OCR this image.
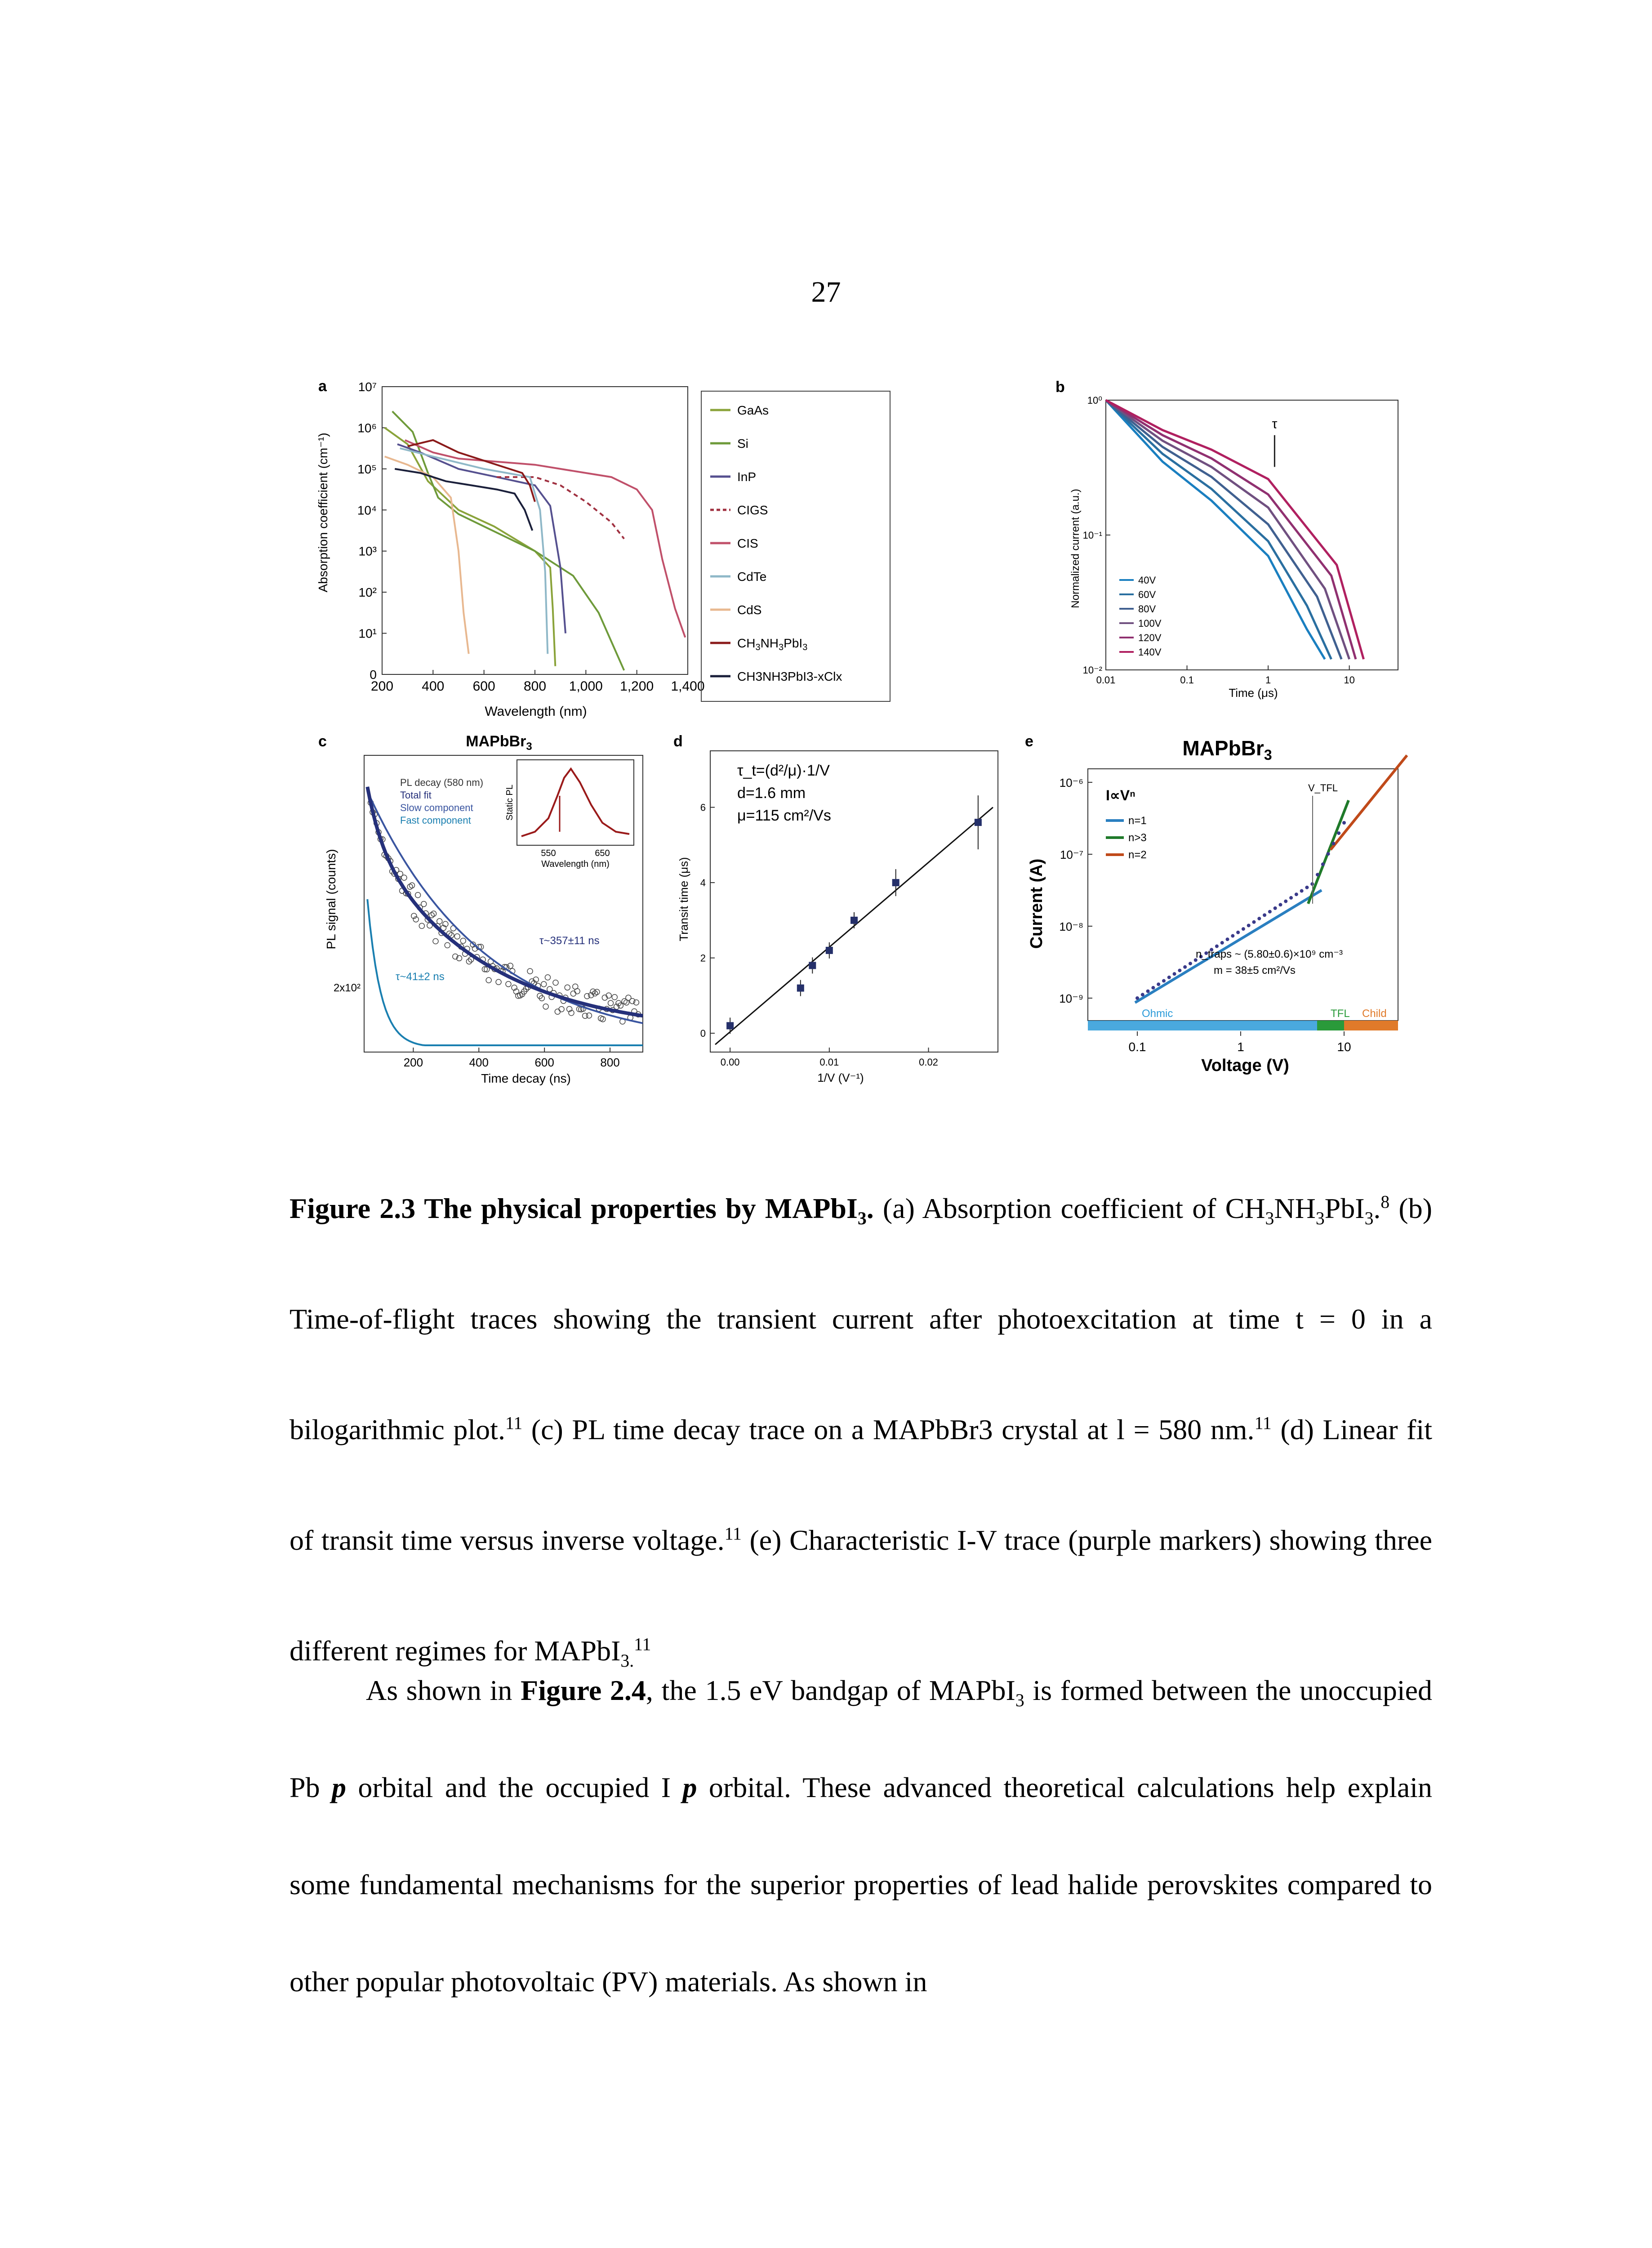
27
a
200 400 600 800 1,000 1,200 1,400
0
10¹
10²
10³
10⁴
10⁵
10⁶
10⁷
GaAs
Si
InP
CIGS
CIS
CdTe
CdS
$CH_3NH_3PbI_3$
CH3NH3PbI3-xClx
Wavelength (nm)
Absorption coefficient (cm⁻¹)
b
0.01	0.1	1	10
10⁰
10⁻¹
10⁻²
τ
40V
60V
80V
100V
120V
140V
Time (μs)
Normalized current (a.u.)
c	MAPbBr$_3$
200	400	600	800
2x10²
PL decay (580 nm)
Total fit
Slow component
Fast component
τ~357±11 ns
τ~41±2 ns
550	650
Wavelength (nm)
Static PL
Time decay (ns)
PL signal (counts)
d
0.00	0.01	0.02
0
2
4
6
τ_t=(d²/μ)·1/V
d=1.6 mm
μ=115 cm²/Vs
1/V (V⁻¹)
Transit time (μs)
e	MAPbBr$_3$
0.1	1	10
10⁻⁶
10⁻⁷
10⁻⁸
10⁻⁹
Ohmic	TFL Child
I∝Vⁿ
n=1
n>3
n=2
V_TFL
n_traps ~ (5.80±0.6)×10⁹ cm⁻³
m = 38±5 cm²/Vs
Voltage (V)
Current (A)
Figure 2.3 The physical properties by MAPbI$_3$. (a) Absorption coefficient of $CH_3NH_3PbI_3.^8$ (b) Time-of-flight traces showing the transient current after photoexcitation at time t = 0 in a bilogarithmic plot.$^{11}$ (c) PL time decay trace on a MAPbBr3 crystal at l = 580 nm.$^{11}$ (d) Linear fit of transit time versus inverse voltage.$^{11}$ (e) Characteristic I-V trace (purple markers) showing three different regimes for MAPbI$_{3.}^{11}$

As shown in Figure 2.4, the 1.5 eV bandgap of MAPbI$_3$ is formed between the unoccupied Pb p orbital and the occupied I p orbital. These advanced theoretical calculations help explain some fundamental mechanisms for the superior properties of lead halide perovskites compared to other popular photovoltaic (PV) materials. As shown in
